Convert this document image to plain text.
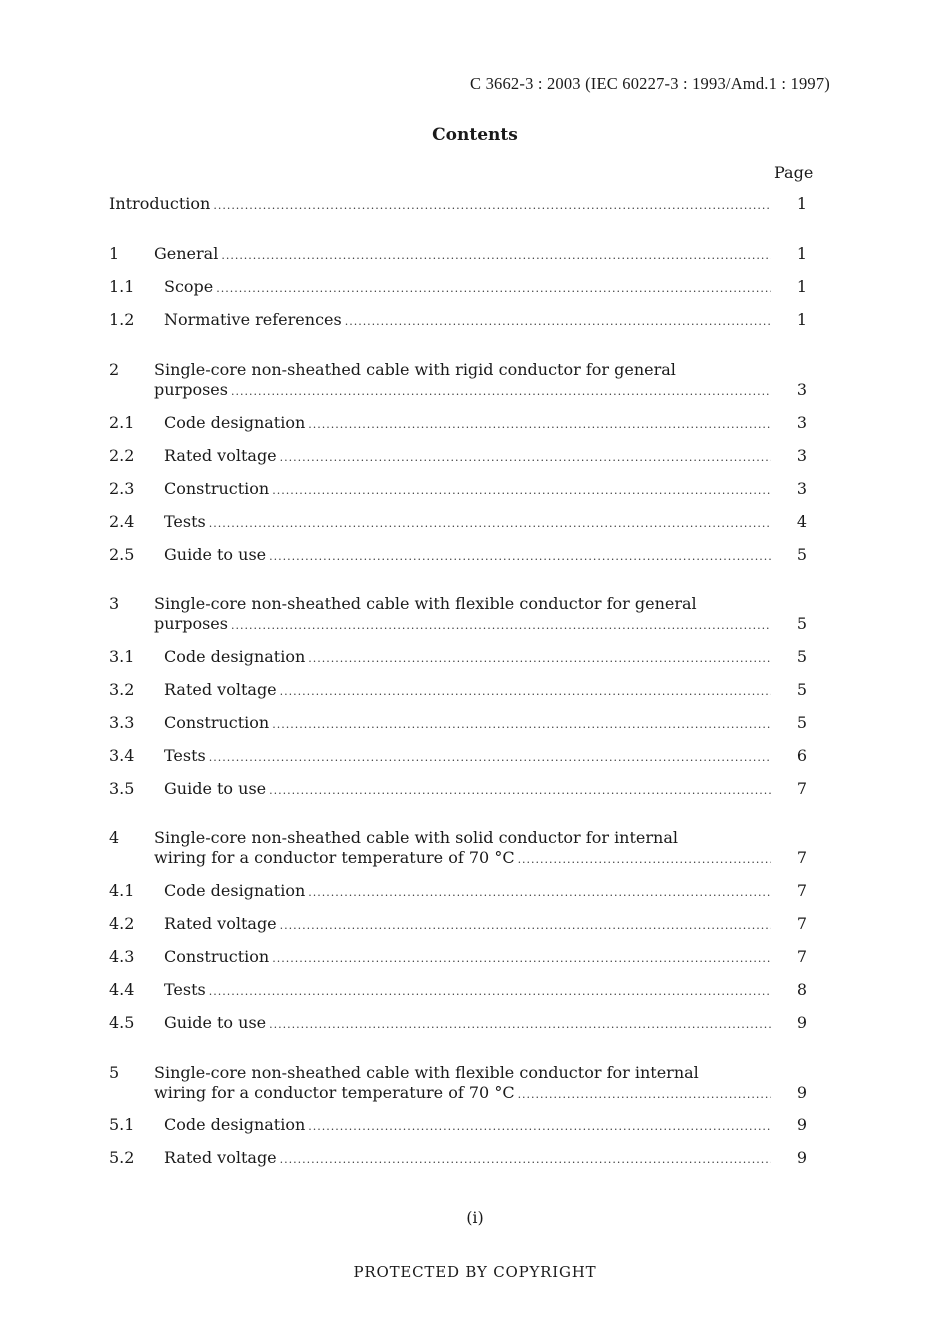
C 3662-3 : 2003 (IEC 60227-3 : 1993/Amd.1 : 1997)
Contents
Page
Introduction .....	1
1 General .....	1
1.1 Scope .....	1
1.2 Normative references .....	1
2 Single-core non-sheathed cable with rigid conductor for general
purposes .....	3
2.1 Code designation .....	3
2.2 Rated voltage .....	3
2.3 Construction .....	3
2.4 Tests .....	4
2.5 Guide to use .....	5
3 Single-core non-sheathed cable with flexible conductor for general
purposes .....	5
3.1 Code designation .....	5
3.2 Rated voltage .....	5
3.3 Construction .....	5
3.4 Tests .....	6
3.5 Guide to use .....	7
4 Single-core non-sheathed cable with solid conductor for internal
wiring for a conductor temperature of 70 °C .....	7
4.1 Code designation .....	7
4.2 Rated voltage .....	7
4.3 Construction .....	7
4.4 Tests .....	8
4.5 Guide to use .....	9
5 Single-core non-sheathed cable with flexible conductor for internal
wiring for a conductor temperature of 70 °C .....	9
5.1 Code designation .....	9
5.2 Rated voltage .....	9
(i)
PROTECTED BY COPYRIGHT
